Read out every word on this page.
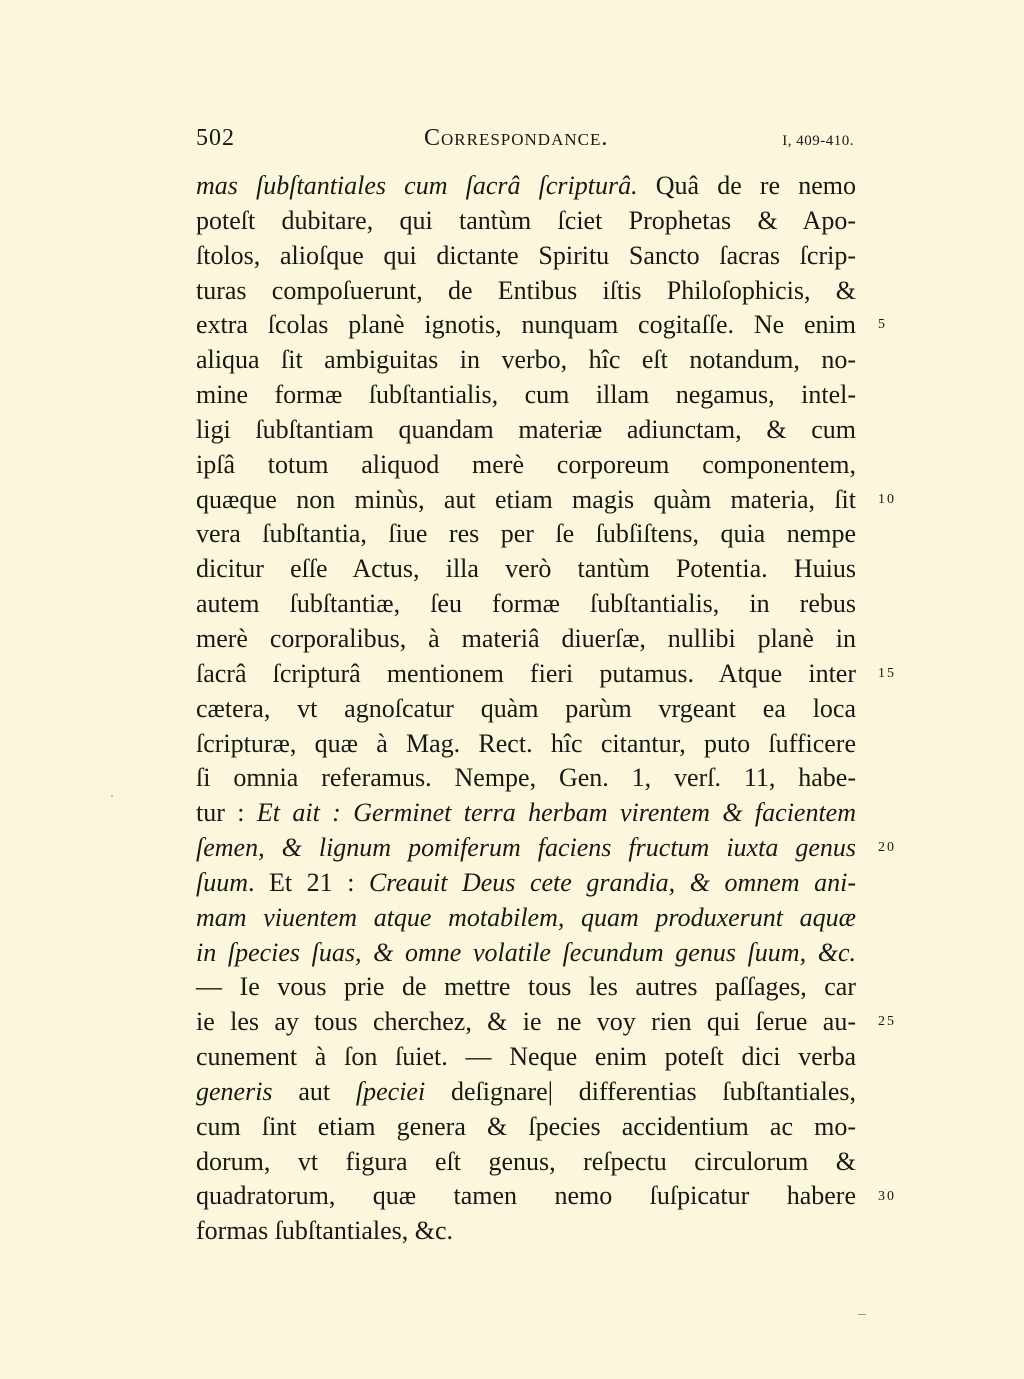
502	Correspondance.	I, 409-410.
mas ſubſtantiales cum ſacrâ ſcripturâ. Quâ de re nemo
poteſt dubitare, qui tantùm ſciet Prophetas & Apo-
ſtolos, alioſque qui dictante Spiritu Sancto ſacras ſcrip-
turas compoſuerunt, de Entibus iſtis Philoſophicis, &
extra ſcolas planè ignotis, nunquam cogitaſſe. Ne enim
aliqua ſit ambiguitas in verbo, hîc eſt notandum, no-
mine formæ ſubſtantialis, cum illam negamus, intel-
ligi ſubſtantiam quandam materiæ adiunctam, & cum
ipſâ totum aliquod merè corporeum componentem,
quæque non minùs, aut etiam magis quàm materia, ſit
vera ſubſtantia, ſiue res per ſe ſubſiſtens, quia nempe
dicitur eſſe Actus, illa verò tantùm Potentia. Huius
autem ſubſtantiæ, ſeu formæ ſubſtantialis, in rebus
merè corporalibus, à materiâ diuerſæ, nullibi planè in
ſacrâ ſcripturâ mentionem fieri putamus. Atque inter
cætera, vt agnoſcatur quàm parùm vrgeant ea loca
ſcripturæ, quæ à Mag. Rect. hîc citantur, puto ſufficere
ſi omnia referamus. Nempe, Gen. 1, verſ. 11, habe-
tur : Et ait : Germinet terra herbam virentem & facientem
ſemen, & lignum pomiferum faciens fructum iuxta genus
ſuum. Et 21 : Creauit Deus cete grandia, & omnem ani-
mam viuentem atque motabilem, quam produxerunt aquæ
in ſpecies ſuas, & omne volatile ſecundum genus ſuum, &c.
— Ie vous prie de mettre tous les autres paſſages, car
ie les ay tous cherchez, & ie ne voy rien qui ſerue au-
cunement à ſon ſuiet. — Neque enim poteſt dici verba
generis aut ſpeciei deſignare| differentias ſubſtantiales,
cum ſint etiam genera & ſpecies accidentium ac mo-
dorum, vt figura eſt genus, reſpectu circulorum &
quadratorum, quæ tamen nemo ſuſpicatur habere
formas ſubſtantiales, &c.
5
10
15
20
25
30
